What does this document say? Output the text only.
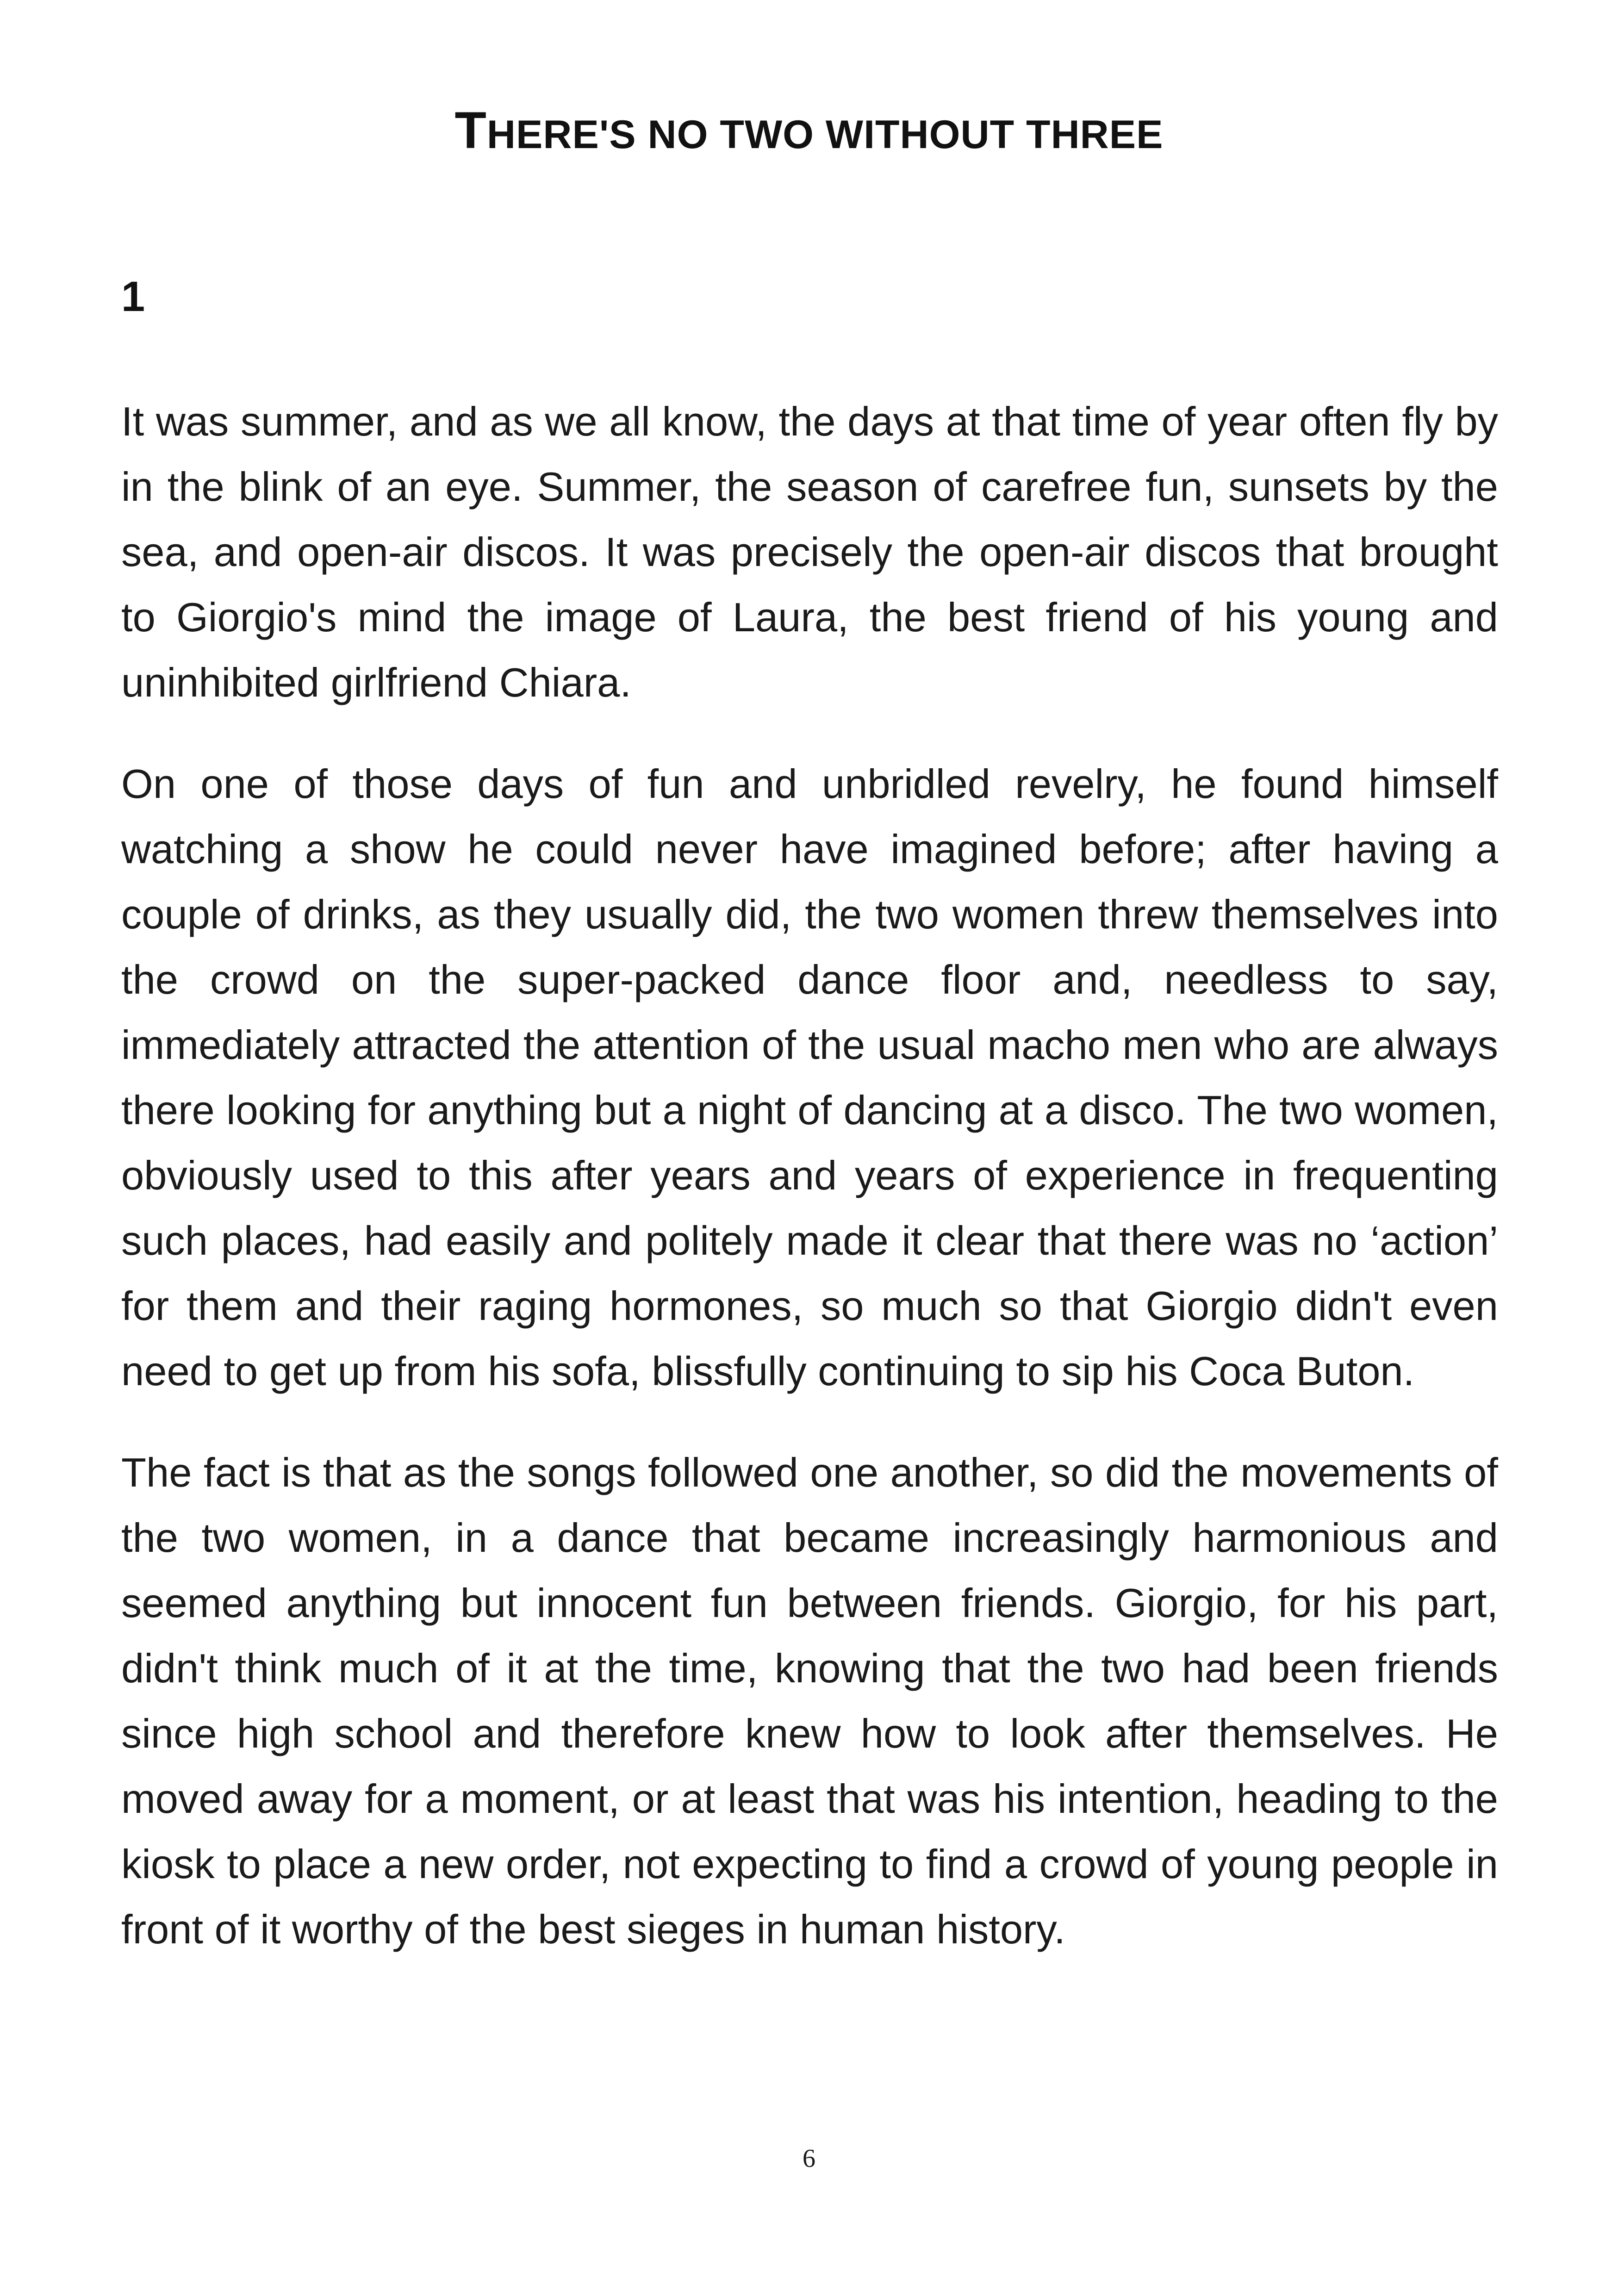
THERE'S NO TWO WITHOUT THREE
1

It was summer, and as we all know, the days at that time of year often fly by in the blink of an eye. Summer, the season of carefree fun, sunsets by the sea, and open-air discos. It was precisely the open-air discos that brought to Giorgio's mind the image of Laura, the best friend of his young and uninhibited girlfriend Chiara.

On one of those days of fun and unbridled revelry, he found himself watching a show he could never have imagined before; after having a couple of drinks, as they usually did, the two women threw themselves into the crowd on the super-packed dance floor and, needless to say, immediately attracted the attention of the usual macho men who are always there looking for anything but a night of dancing at a disco. The two women, obviously used to this after years and years of experience in frequenting such places, had easily and politely made it clear that there was no ‘action’ for them and their raging hormones, so much so that Giorgio didn't even need to get up from his sofa, blissfully continuing to sip his Coca Buton.

The fact is that as the songs followed one another, so did the movements of the two women, in a dance that became increasingly harmonious and seemed anything but innocent fun between friends. Giorgio, for his part, didn't think much of it at the time, knowing that the two had been friends since high school and therefore knew how to look after themselves. He moved away for a moment, or at least that was his intention, heading to the kiosk to place a new order, not expecting to find a crowd of young people in front of it worthy of the best sieges in human history.

6
